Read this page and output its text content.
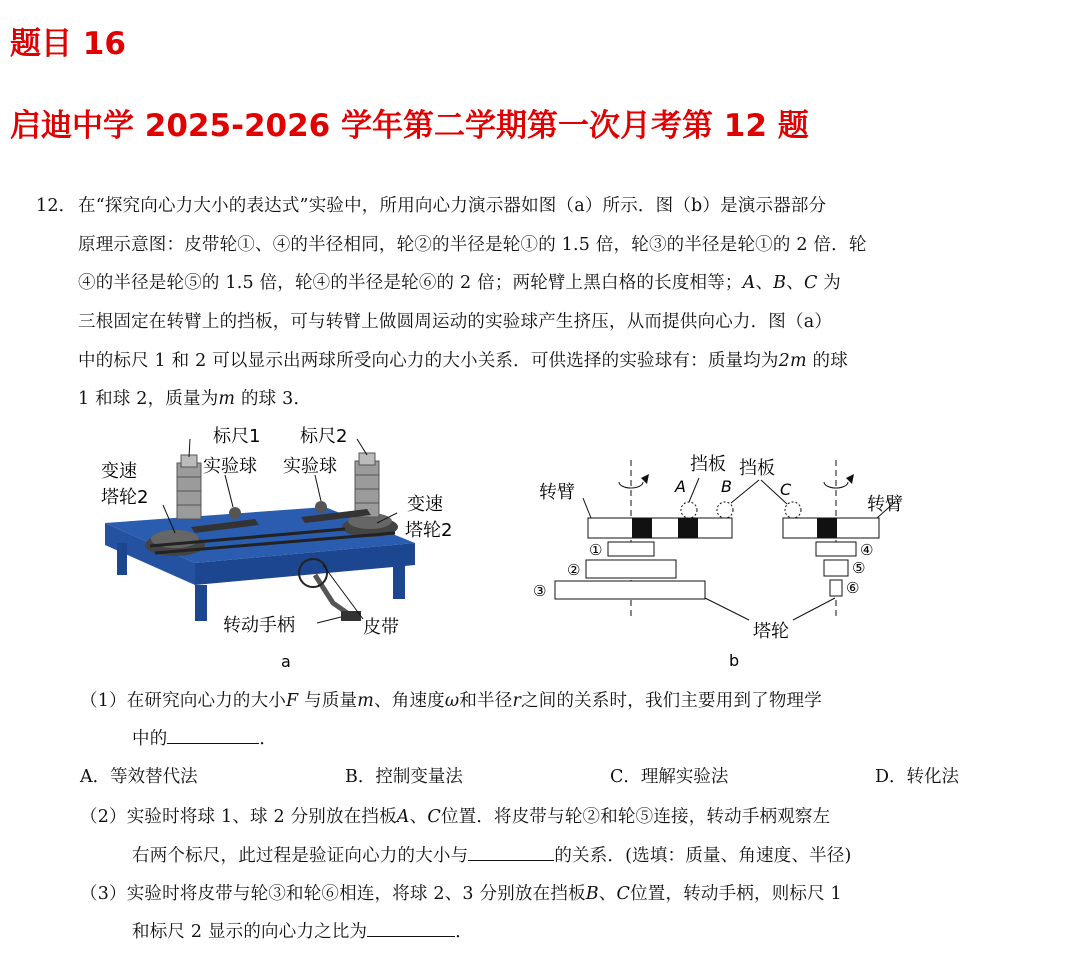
题目 16
启迪中学 2025-2026 学年第二学期第一次月考第 12 题
12． 在“探究向心力大小的表达式”实验中，所用向心力演示器如图（a）所示．图（b）是演示器部分
原理示意图：皮带轮①、④的半径相同，轮②的半径是轮①的 1.5 倍，轮③的半径是轮①的 2 倍．轮
④的半径是轮⑤的 1.5 倍，轮④的半径是轮⑥的 2 倍；两轮臂上黑白格的长度相等；A、B、C 为
三根固定在转臂上的挡板，可与转臂上做圆周运动的实验球产生挤压，从而提供向心力．图（a）
中的标尺 1 和 2 可以显示出两球所受向心力的大小关系．可供选择的实验球有：质量均为2m 的球
1 和球 2，质量为m 的球 3．
标尺1 标尺2
实验球 实验球
变速
塔轮2	变速
塔轮2
转动手柄	皮带
a
转臂
挡板 挡板
转臂
A B	C
①
②
③
④
⑤
⑥
塔轮
b
（1）在研究向心力的大小F 与质量m、角速度ω和半径r之间的关系时，我们主要用到了物理学
中的	．
A．等效替代法	B．控制变量法	C．理解实验法	D．转化法
（2）实验时将球 1、球 2 分别放在挡板A、C位置．将皮带与轮②和轮⑤连接，转动手柄观察左
右两个标尺，此过程是验证向心力的大小与	的关系．(选填：质量、角速度、半径)
（3）实验时将皮带与轮③和轮⑥相连，将球 2、3 分别放在挡板B、C位置，转动手柄，则标尺 1
和标尺 2 显示的向心力之比为	．
